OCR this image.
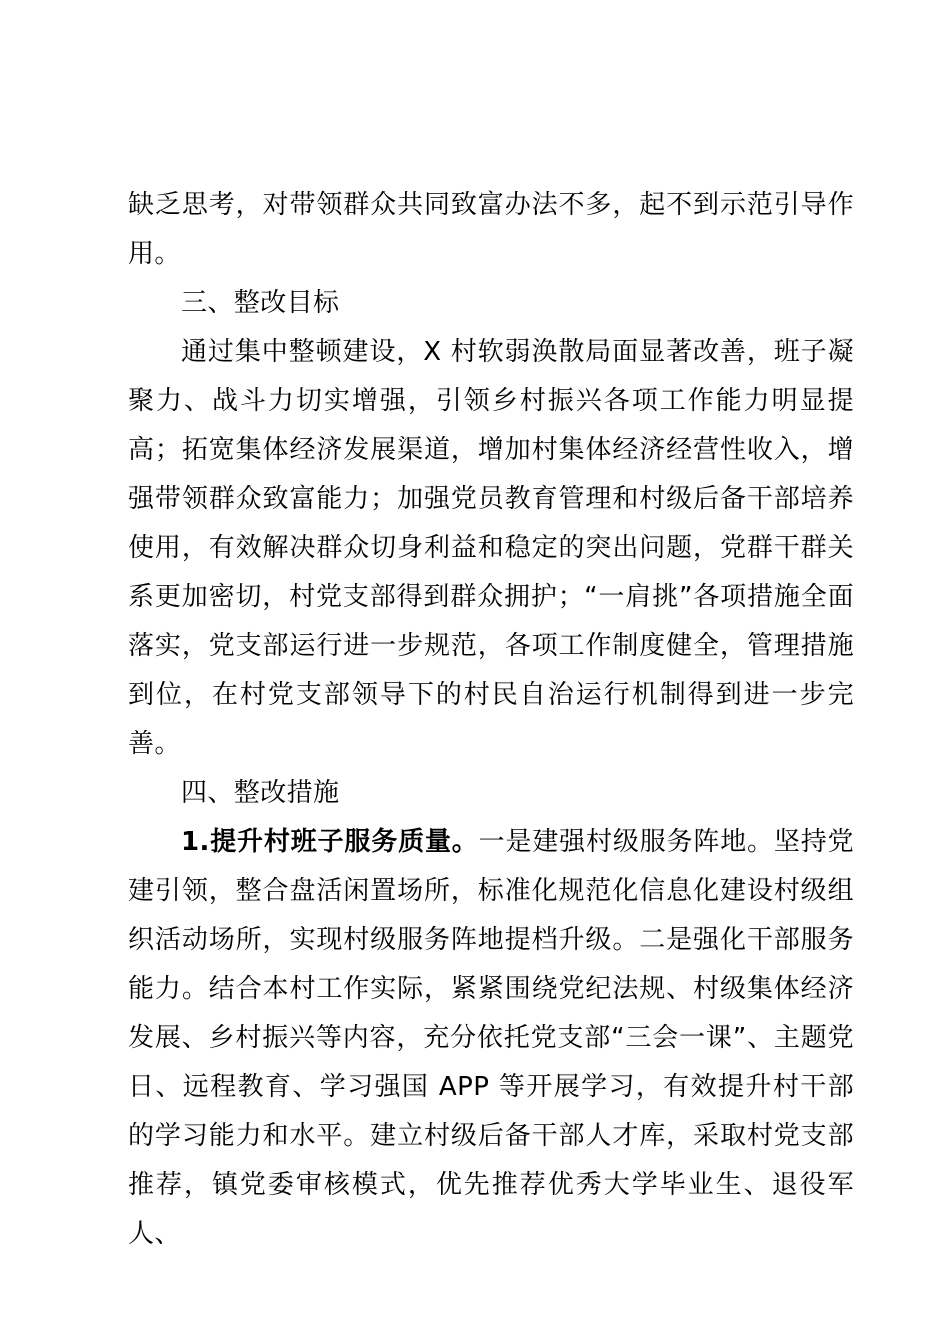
缺乏思考，对带领群众共同致富办法不多，起不到示范引导作用。

三、整改目标

通过集中整顿建设，X 村软弱涣散局面显著改善，班子凝聚力、战斗力切实增强，引领乡村振兴各项工作能力明显提高；拓宽集体经济发展渠道，增加村集体经济经营性收入，增强带领群众致富能力；加强党员教育管理和村级后备干部培养使用，有效解决群众切身利益和稳定的突出问题，党群干群关系更加密切，村党支部得到群众拥护；“一肩挑”各项措施全面落实，党支部运行进一步规范，各项工作制度健全，管理措施到位，在村党支部领导下的村民自治运行机制得到进一步完善。

四、整改措施

1.提升村班子服务质量。一是建强村级服务阵地。坚持党建引领，整合盘活闲置场所，标准化规范化信息化建设村级组织活动场所，实现村级服务阵地提档升级。二是强化干部服务能力。结合本村工作实际，紧紧围绕党纪法规、村级集体经济发展、乡村振兴等内容，充分依托党支部“三会一课”、主题党日、远程教育、学习强国 APP 等开展学习，有效提升村干部的学习能力和水平。建立村级后备干部人才库，采取村党支部推荐，镇党委审核模式，优先推荐优秀大学毕业生、退役军人、
